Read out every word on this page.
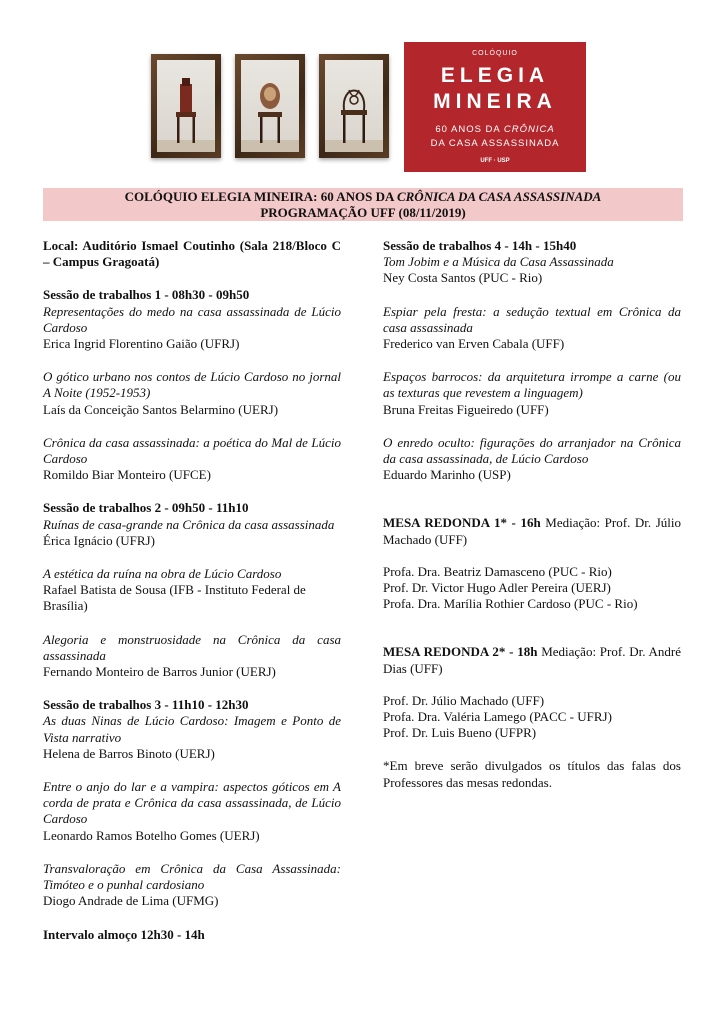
COLÓQUIO
ELEGIA
MINEIRA
60 ANOS DA CRÔNICA
DA CASA ASSASSINADA
UFF · USP
COLÓQUIO ELEGIA MINEIRA: 60 ANOS DA CRÔNICA DA CASA ASSASSINADA
PROGRAMAÇÃO UFF (08/11/2019)

Local: Auditório Ismael Coutinho (Sala 218/Bloco C – Campus Gragoatá)

Sessão de trabalhos 1 - 08h30 - 09h50

Representações do medo na casa assassinada de Lúcio Cardoso

Erica Ingrid Florentino Gaião (UFRJ)

O gótico urbano nos contos de Lúcio Cardoso no jornal A Noite (1952-1953)

Laís da Conceição Santos Belarmino (UERJ)

Crônica da casa assassinada: a poética do Mal de Lúcio Cardoso

Romildo Biar Monteiro (UFCE)

Sessão de trabalhos 2 - 09h50 - 11h10

Ruínas de casa-grande na Crônica da casa assassinada

Érica Ignácio (UFRJ)

A estética da ruína na obra de Lúcio Cardoso

Rafael Batista de Sousa (IFB - Instituto Federal de Brasília)

Alegoria e monstruosidade na Crônica da casa assassinada

Fernando Monteiro de Barros Junior (UERJ)

Sessão de trabalhos 3 - 11h10 - 12h30

As duas Ninas de Lúcio Cardoso: Imagem e Ponto de Vista narrativo

Helena de Barros Binoto (UERJ)

Entre o anjo do lar e a vampira: aspectos góticos em A corda de prata e Crônica da casa assassinada, de Lúcio Cardoso

Leonardo Ramos Botelho Gomes (UERJ)

Transvaloração em Crônica da Casa Assassinada: Timóteo e o punhal cardosiano

Diogo Andrade de Lima (UFMG)

Intervalo almoço 12h30 - 14h

Sessão de trabalhos 4 - 14h - 15h40

Tom Jobim e a Música da Casa Assassinada

Ney Costa Santos (PUC - Rio)

Espiar pela fresta: a sedução textual em Crônica da casa assassinada

Frederico van Erven Cabala (UFF)

Espaços barrocos: da arquitetura irrompe a carne (ou as texturas que revestem a linguagem)

Bruna Freitas Figueiredo (UFF)

O enredo oculto: figurações do arranjador na Crônica da casa assassinada, de Lúcio Cardoso

Eduardo Marinho (USP)

MESA REDONDA 1* - 16h Mediação: Prof. Dr. Júlio Machado (UFF)

Profa. Dra. Beatriz Damasceno (PUC - Rio)

Prof. Dr. Victor Hugo Adler Pereira (UERJ)

Profa. Dra. Marília Rothier Cardoso (PUC - Rio)

MESA REDONDA 2* - 18h Mediação: Prof. Dr. André Dias (UFF)

Prof. Dr. Júlio Machado (UFF)

Profa. Dra. Valéria Lamego (PACC - UFRJ)

Prof. Dr. Luis Bueno (UFPR)

*Em breve serão divulgados os títulos das falas dos Professores das mesas redondas.
